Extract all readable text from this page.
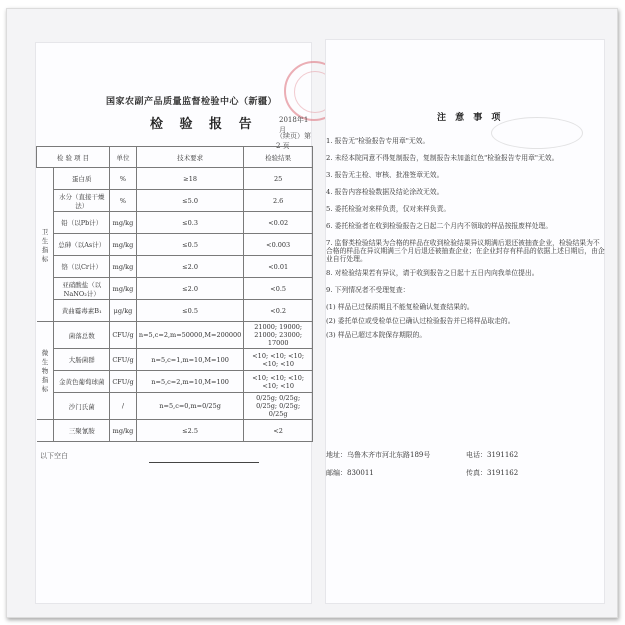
国家农副产品质量监督检验中心（新疆）
检 验 报 告	2018年1月
（续页）第 2 页
检 验 项 目		单位	技术要求	检验结果
卫生指标	蛋白质	%	≥18	25
	水分（直接干燥法）	%	≤5.0	2.6
	铅（以Pb计）	mg/kg	≤0.3	<0.02
	总砷（以As计）	mg/kg	≤0.5	<0.003
	铬（以Cr计）	mg/kg	≤2.0	<0.01
	亚硝酸盐（以NaNO₂计）	mg/kg	≤2.0	<0.5
	黄曲霉毒素B₁	μg/kg	≤0.5	<0.2
微生物指标	菌落总数	CFU/g	n=5,c=2,m=50000,M=200000	21000; 19000; 21000; 23000; 17000
	大肠菌群	CFU/g	n=5,c=1,m=10,M=100	<10; <10; <10; <10; <10
	金黄色葡萄球菌	CFU/g	n=5,c=2,m=10,M=100	<10; <10; <10; <10; <10
	沙门氏菌	/	n=5,c=0,m=0/25g	0/25g; 0/25g; 0/25g; 0/25g; 0/25g
	三聚氰胺	mg/kg	≤2.5	<2
以下空白
注 意 事 项
1. 报告无"检验报告专用章"无效。
2. 未经本院同意不得复制报告，复制报告未加盖红色"检验报告专用章"无效。
3. 报告无主检、审核、批准签章无效。
4. 报告内容检验数据及结论涂改无效。
5. 委托检验对来样负责，仅对来样负责。
6. 委托检验者在收到检验报告之日起二个月内不领取的样品按报废样处理。
7. 监督类检验结果为合格的样品在收到检验结果异议期满后退还被抽查企业，检验结果为不合格的样品在异议期满三个月后退还被抽查企业；在企业封存有样品的依据上述日期后，由企业自行处理。
8. 对检验结果若有异议，请于收到报告之日起十五日内向我单位提出。
9. 下列情况者不受理复查：
(1) 样品已过保质期且不能复检确认复查结果的。
(2) 委托单位或受检单位已确认过检验报告并已将样品取走的。
(3) 样品已超过本院保存期限的。
地址：乌鲁木齐市河北东路189号	电话：3191162
邮编：830011	传真：3191162
